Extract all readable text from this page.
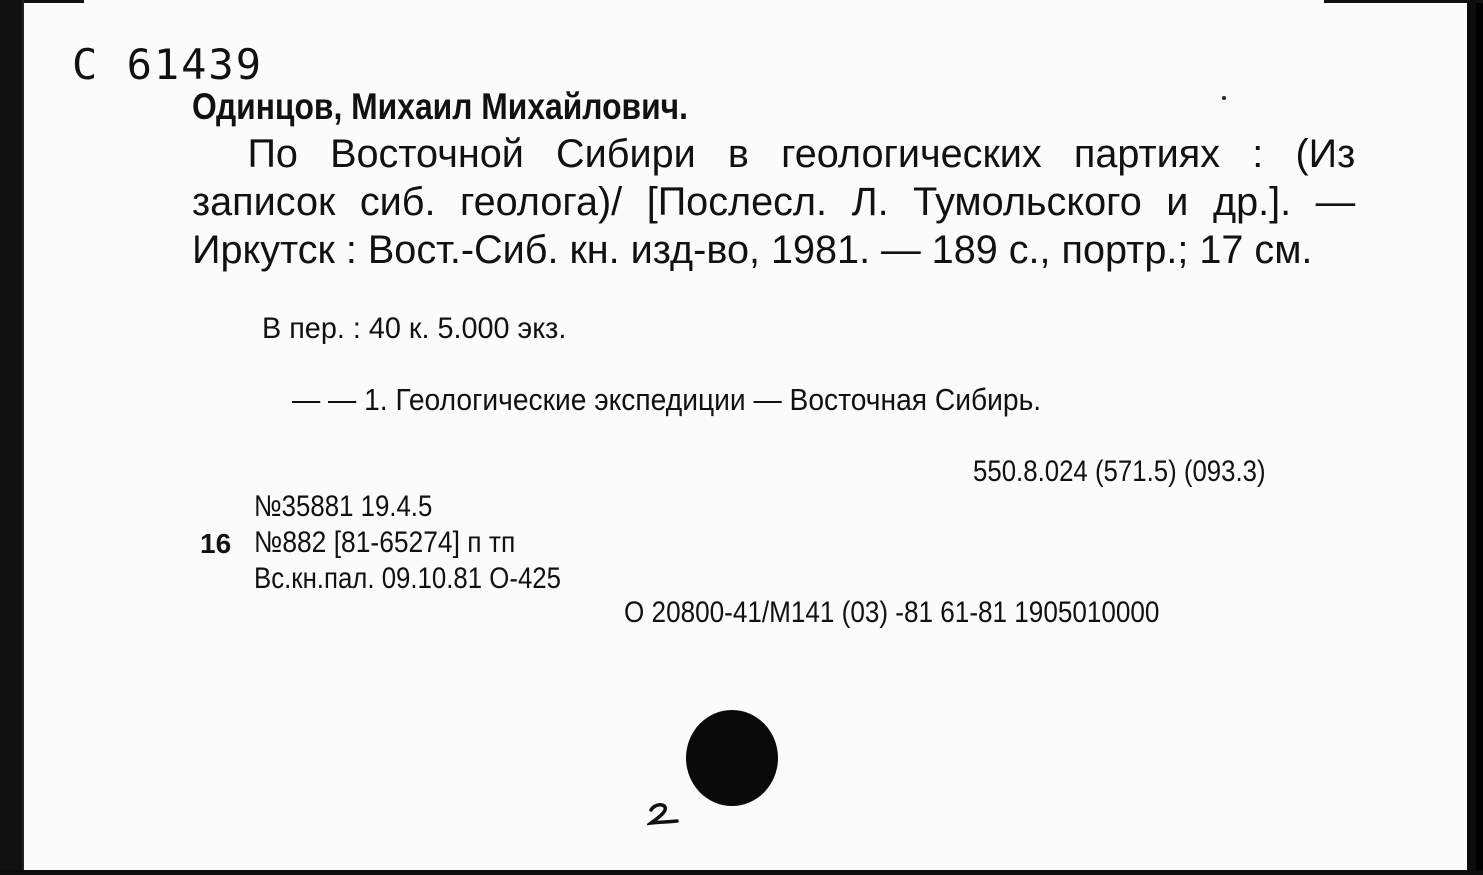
С 61439
Одинцов, Михаил Михайлович.
По Восточной Сибири в геологических партиях : (Из записок сиб. геолога)/ [Послесл. Л. Тумольского и др.]. — Иркутск : Вост.-Сиб. кн. изд-во, 1981. — 189 с., портр.; 17 см.
В пер. : 40 к. 5.000 экз.
— — 1. Геологические экспедиции — Восточная Сибирь.
550.8.024 (571.5) (093.3)
№35881 19.4.5
16 №882 [81-65274] п тп
Вс.кн.пал. 09.10.81 О-425
О 20800-41/М141 (03) -81 61-81 1905010000
